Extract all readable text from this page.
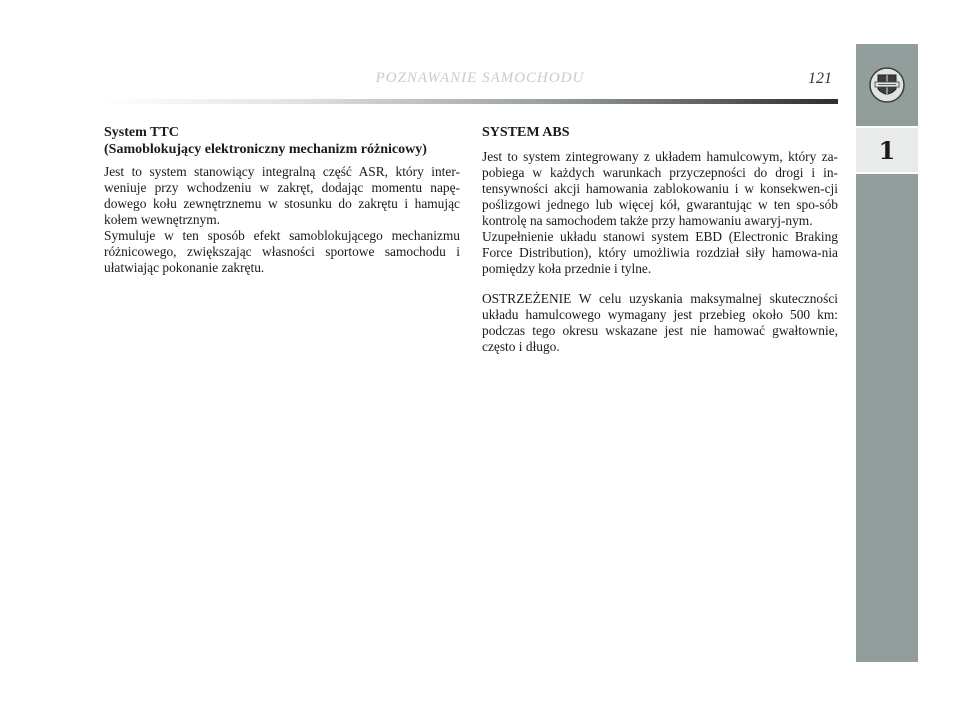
POZNAWANIE SAMOCHODU	121
1
System TTC
(Samoblokujący elektroniczny mechanizm różnicowy)

Jest to system stanowiący integralną część ASR, który inter-weniuje przy wchodzeniu w zakręt, dodając momentu napę-dowego kołu zewnętrznemu w stosunku do zakrętu i hamując kołem wewnętrznym.

Symuluje w ten sposób efekt samoblokującego mechanizmu różnicowego, zwiększając własności sportowe samochodu i ułatwiając pokonanie zakrętu.

SYSTEM ABS

Jest to system zintegrowany z układem hamulcowym, który za-pobiega w każdych warunkach przyczepności do drogi i in-tensywności akcji hamowania zablokowaniu i w konsekwen-cji poślizgowi jednego lub więcej kół, gwarantując w ten spo-sób kontrolę na samochodem także przy hamowaniu awaryj-nym.

Uzupełnienie układu stanowi system EBD (Electronic Braking Force Distribution), który umożliwia rozdział siły hamowa-nia pomiędzy koła przednie i tylne.

OSTRZEŻENIE W celu uzyskania maksymalnej skuteczności układu hamulcowego wymagany jest przebieg około 500 km: podczas tego okresu wskazane jest nie hamować gwałtownie, często i długo.
